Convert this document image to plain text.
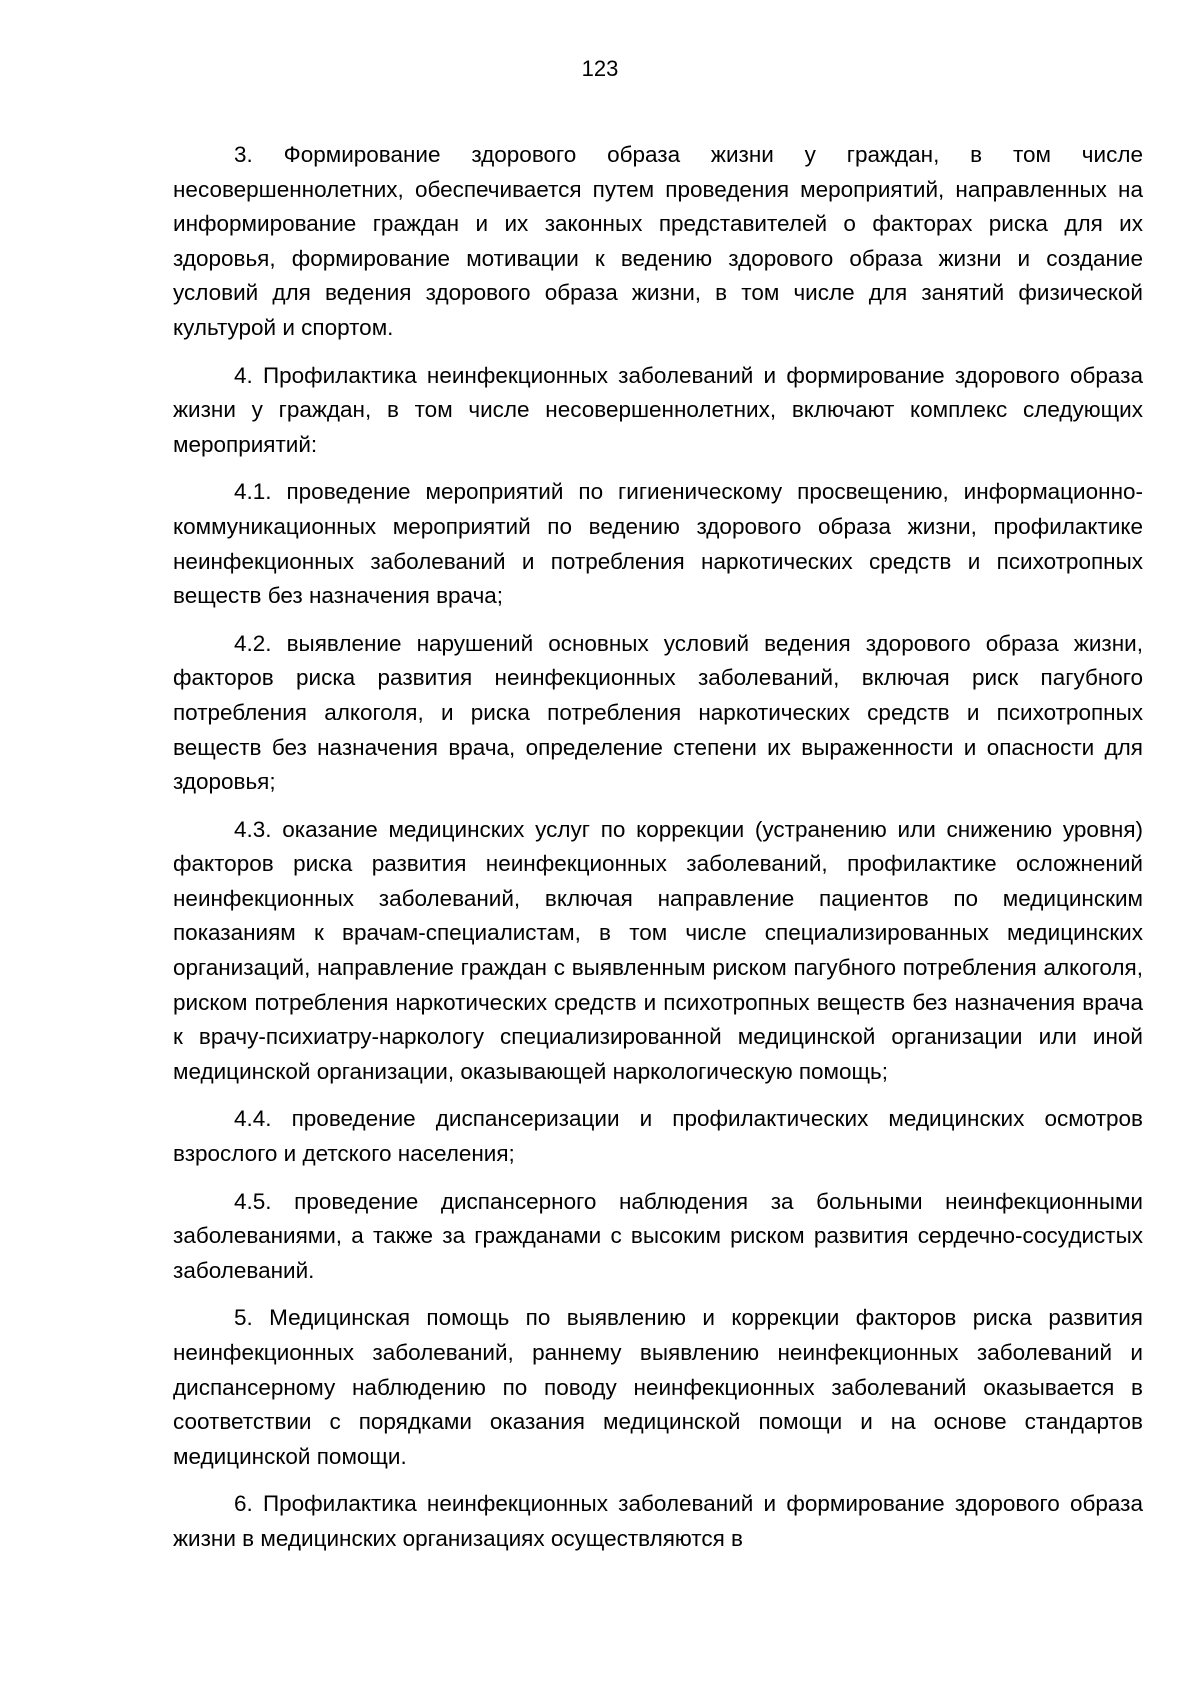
123

3. Формирование здорового образа жизни у граждан, в том числе несовершеннолетних, обеспечивается путем проведения мероприятий, направленных на информирование граждан и их законных представителей о факторах риска для их здоровья, формирование мотивации к ведению здорового образа жизни и создание условий для ведения здорового образа жизни, в том числе для занятий физической культурой и спортом.

4. Профилактика неинфекционных заболеваний и формирование здорового образа жизни у граждан, в том числе несовершеннолетних, включают комплекс следующих мероприятий:

4.1. проведение мероприятий по гигиеническому просвещению, информационно-коммуникационных мероприятий по ведению здорового образа жизни, профилактике неинфекционных заболеваний и потребления наркотических средств и психотропных веществ без назначения врача;

4.2. выявление нарушений основных условий ведения здорового образа жизни, факторов риска развития неинфекционных заболеваний, включая риск пагубного потребления алкоголя, и риска потребления наркотических средств и психотропных веществ без назначения врача, определение степени их выраженности и опасности для здоровья;

4.3. оказание медицинских услуг по коррекции (устранению или снижению уровня) факторов риска развития неинфекционных заболеваний, профилактике осложнений неинфекционных заболеваний, включая направление пациентов по медицинским показаниям к врачам-специалистам, в том числе специализированных медицинских организаций, направление граждан с выявленным риском пагубного потребления алкоголя, риском потребления наркотических средств и психотропных веществ без назначения врача к врачу-психиатру-наркологу специализированной медицинской организации или иной медицинской организации, оказывающей наркологическую помощь;

4.4. проведение диспансеризации и профилактических медицинских осмотров взрослого и детского населения;

4.5. проведение диспансерного наблюдения за больными неинфекционными заболеваниями, а также за гражданами с высоким риском развития сердечно-сосудистых заболеваний.

5. Медицинская помощь по выявлению и коррекции факторов риска развития неинфекционных заболеваний, раннему выявлению неинфекционных заболеваний и диспансерному наблюдению по поводу неинфекционных заболеваний оказывается в соответствии с порядками оказания медицинской помощи и на основе стандартов медицинской помощи.

6. Профилактика неинфекционных заболеваний и формирование здорового образа жизни в медицинских организациях осуществляются в
